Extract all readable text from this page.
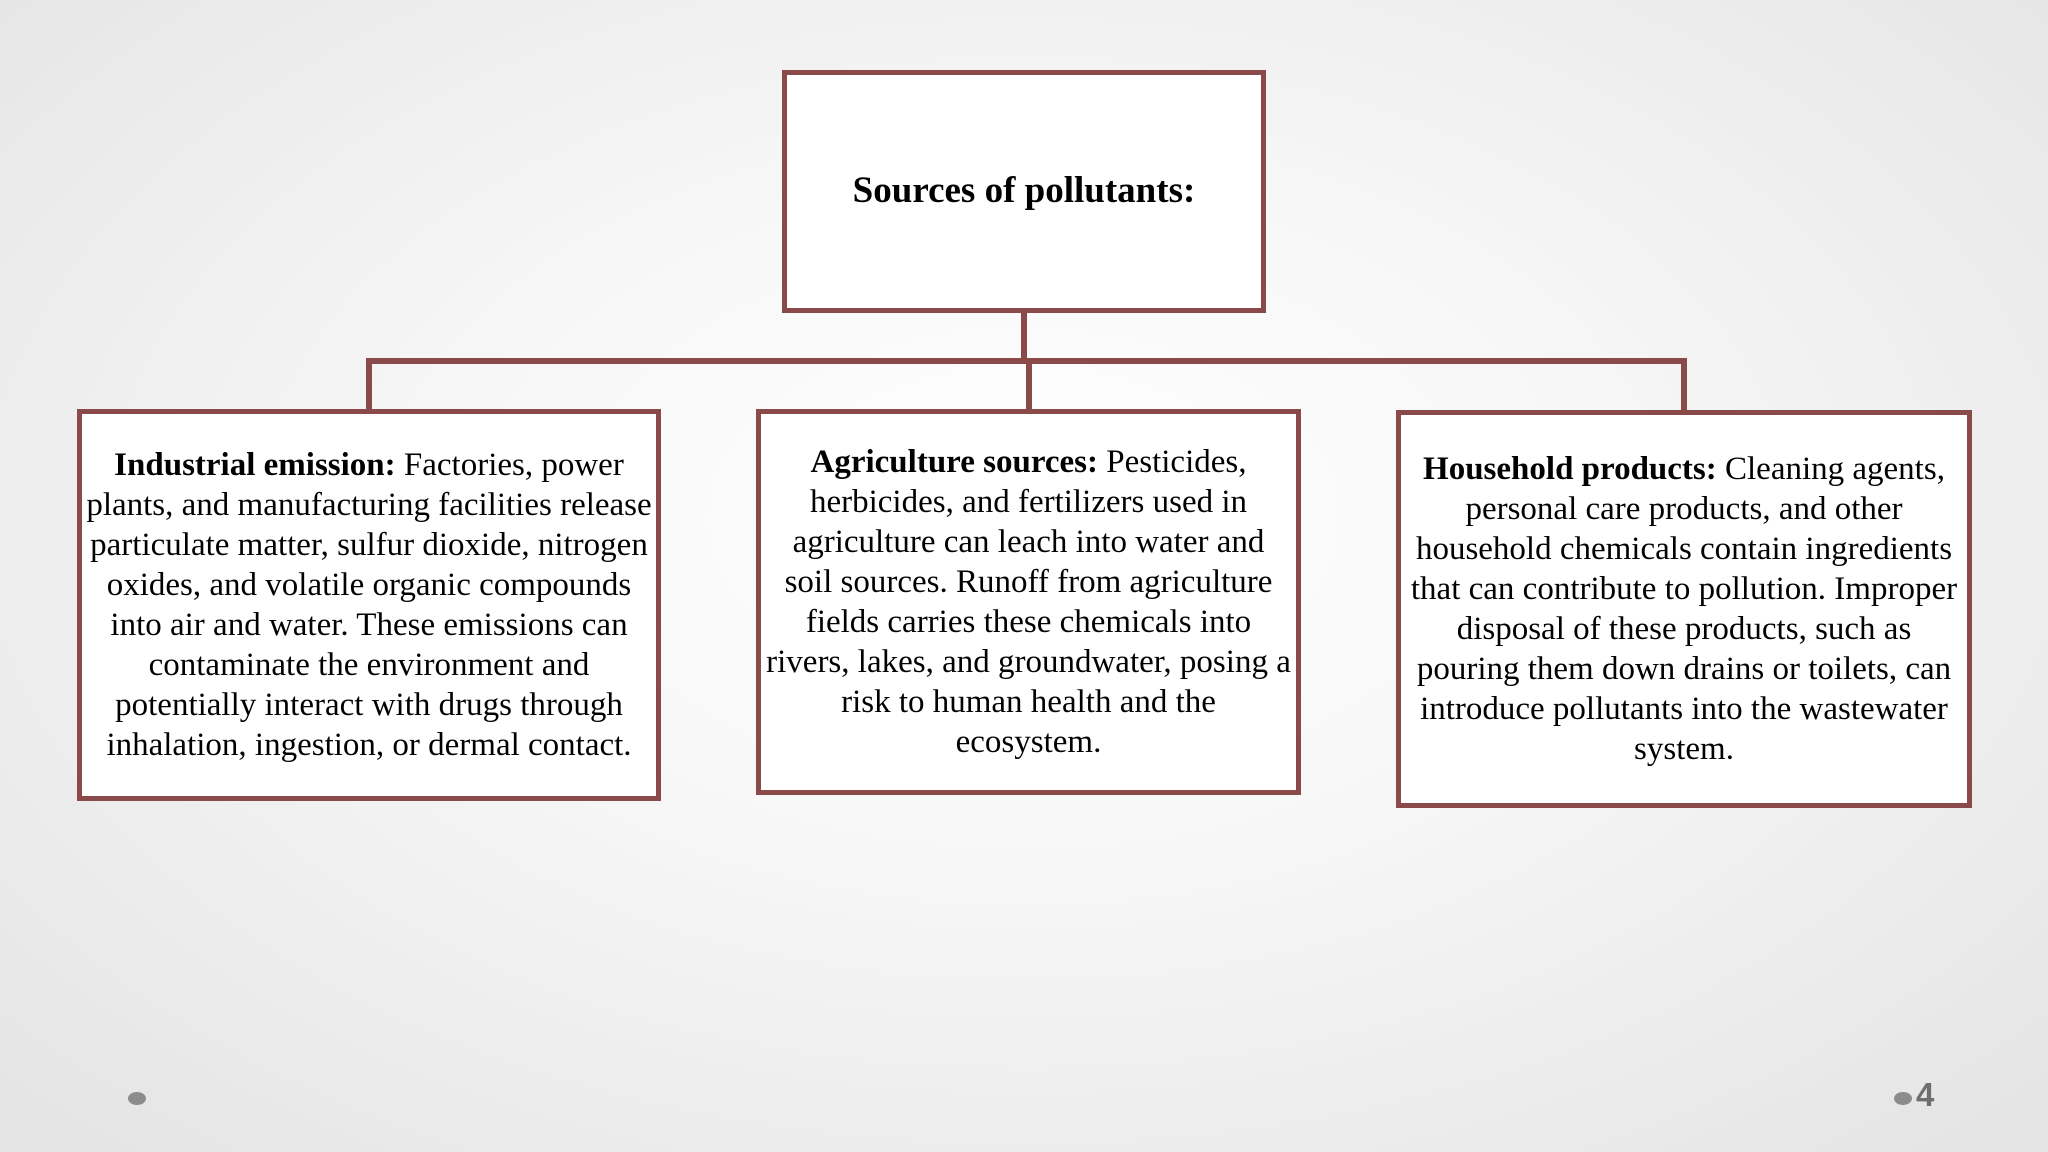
Sources of pollutants:
Industrial emission: Factories, power plants, and manufacturing facilities release particulate matter, sulfur dioxide, nitrogen oxides, and volatile organic compounds into air and water. These emissions can contaminate the environment and potentially interact with drugs through inhalation, ingestion, or dermal contact.
Agriculture sources: Pesticides, herbicides, and fertilizers used in agriculture can leach into water and soil sources. Runoff from agriculture fields carries these chemicals into rivers, lakes, and groundwater, posing a risk to human health and the ecosystem.
Household products: Cleaning agents, personal care products, and other household chemicals contain ingredients that can contribute to pollution. Improper disposal of these products, such as pouring them down drains or toilets, can introduce pollutants into the wastewater system.
4
